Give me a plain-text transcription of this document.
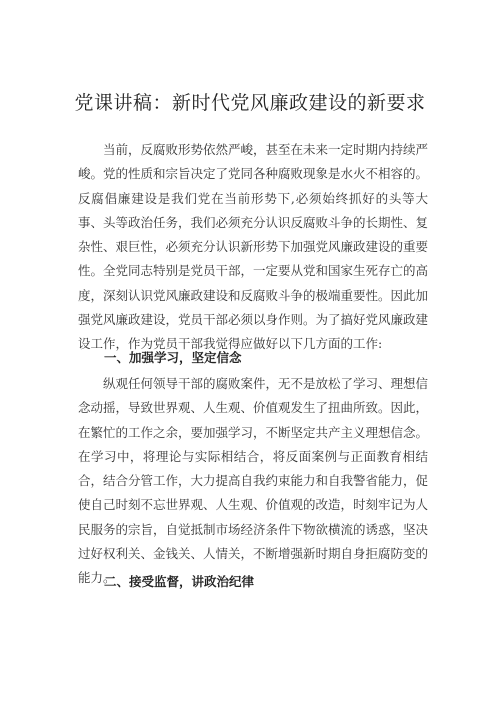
党课讲稿：新时代党风廉政建设的新要求

当前，反腐败形势依然严峻，甚至在未来一定时期内持续严峻。党的性质和宗旨决定了党同各种腐败现象是水火不相容的。反腐倡廉建设是我们党在当前形势下,必须始终抓好的头等大事、头等政治任务，我们必须充分认识反腐败斗争的长期性、复杂性、艰巨性，必须充分认识新形势下加强党风廉政建设的重要性。全党同志特别是党员干部，一定要从党和国家生死存亡的高度，深刻认识党风廉政建设和反腐败斗争的极端重要性。因此加强党风廉政建设，党员干部必须以身作则。为了搞好党风廉政建设工作，作为党员干部我觉得应做好以下几方面的工作:

一、加强学习，坚定信念

纵观任何领导干部的腐败案件，无不是放松了学习、理想信念动摇，导致世界观、人生观、价值观发生了扭曲所致。因此，在繁忙的工作之余，要加强学习，不断坚定共产主义理想信念。在学习中，将理论与实际相结合，将反面案例与正面教育相结合，结合分管工作，大力提高自我约束能力和自我警省能力，促使自己时刻不忘世界观、人生观、价值观的改造，时刻牢记为人民服务的宗旨，自觉抵制市场经济条件下物欲横流的诱惑，坚决过好权利关、金钱关、人情关，不断增强新时期自身拒腐防变的能力。

二、接受监督，讲政治纪律
